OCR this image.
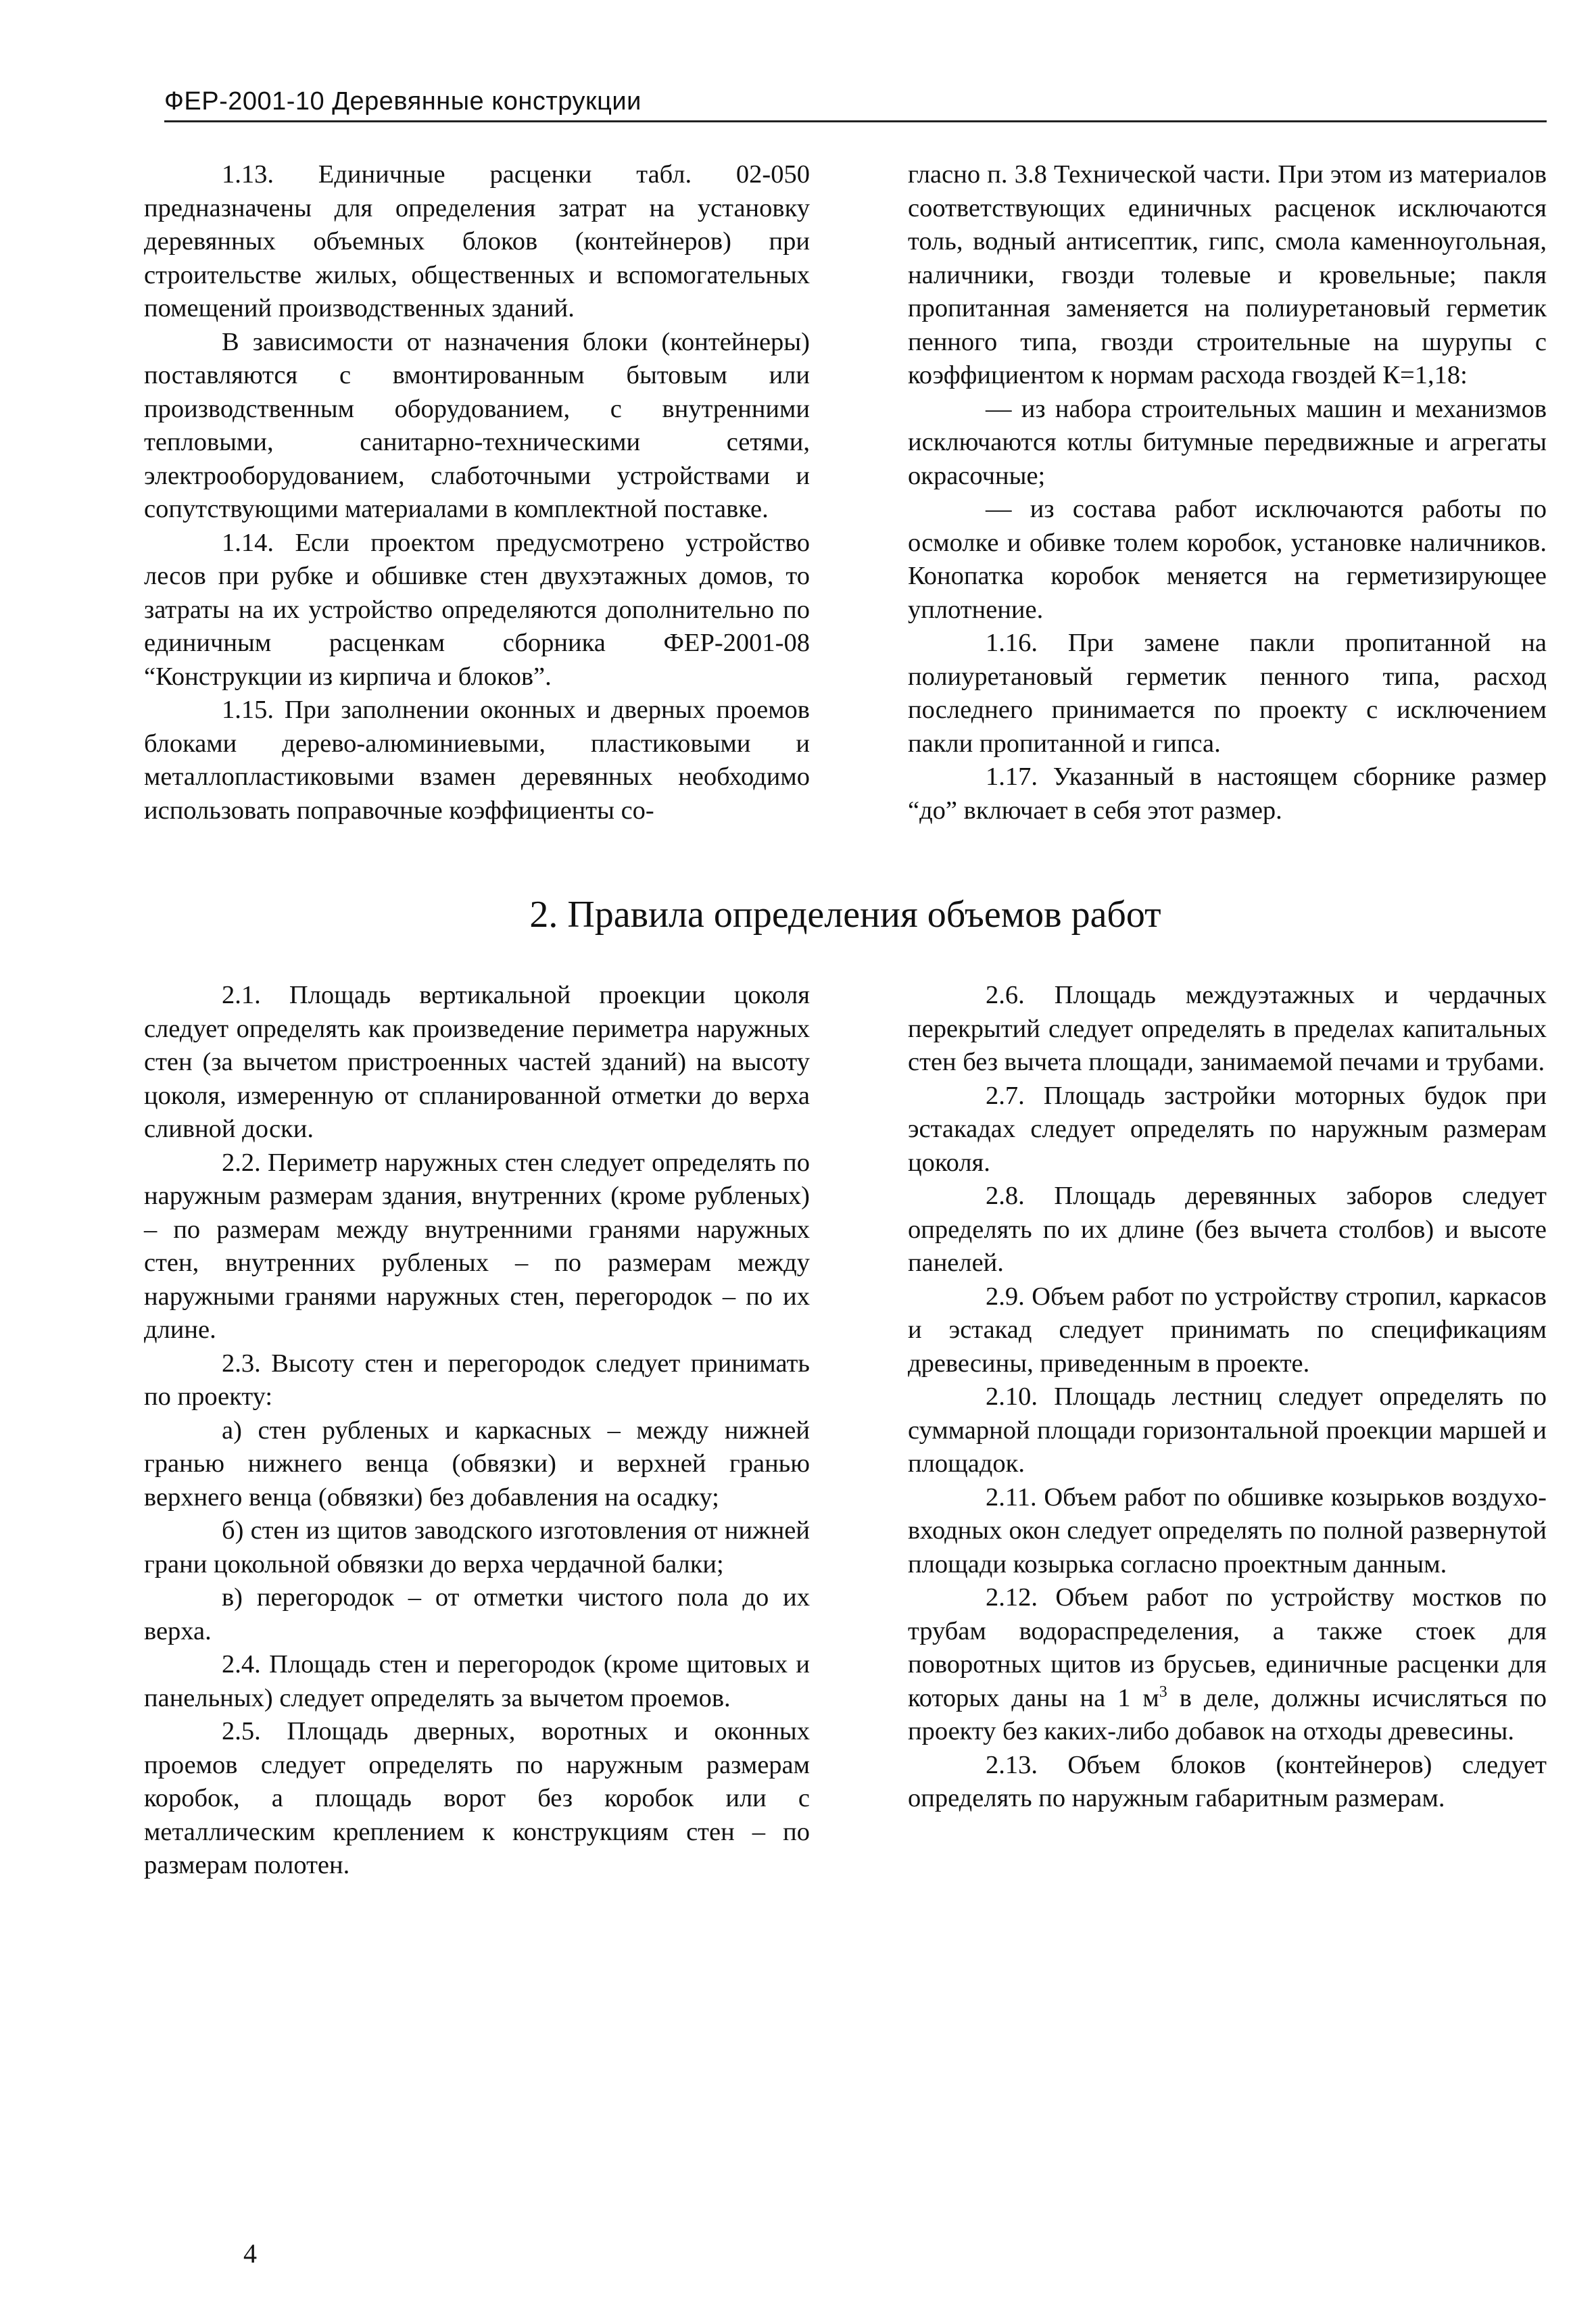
ФЕР-2001-10 Деревянные конструкции

1.13. Единичные расценки табл. 02-050 предназначены для определения затрат на установку деревянных объемных блоков (контейнеров) при строительстве жилых, общественных и вспомогательных помещений производственных зданий.

В зависимости от назначения блоки (контейнеры) поставляются с вмонтированным бытовым или производственным оборудованием, с внутренними тепловыми, санитарно-техническими сетями, электрооборудованием, слаботочными устройствами и сопутствующими материалами в комплектной поставке.

1.14. Если проектом предусмотрено устройство лесов при рубке и обшивке стен двухэтажных домов, то затраты на их устройство определяются дополнительно по единичным расценкам сборника ФЕР-2001-08 “Конструкции из кирпича и блоков”.

1.15. При заполнении оконных и дверных проемов блоками дерево-алюминиевыми, пластиковыми и металлопластиковыми взамен деревянных необходимо использовать поправочные коэффициенты со-

гласно п. 3.8 Технической части. При этом из материалов соответствующих единичных расценок исключаются толь, водный антисептик, гипс, смола каменноугольная, наличники, гвозди толевые и кровельные; пакля пропитанная заменяется на полиуретановый герметик пенного типа, гвозди строительные на шурупы с коэффициентом к нормам расхода гвоздей К=1,18:

— из набора строительных машин и механизмов исключаются котлы битумные передвижные и агрегаты окрасочные;

— из состава работ исключаются работы по осмолке и обивке толем коробок, установке наличников. Конопатка коробок меняется на герметизирующее уплотнение.

1.16. При замене пакли пропитанной на полиуретановый герметик пенного типа, расход последнего принимается по проекту с исключением пакли пропитанной и гипса.

1.17. Указанный в настоящем сборнике размер “до” включает в себя этот размер.

2. Правила определения объемов работ

2.1. Площадь вертикальной проекции цоколя следует определять как произведение периметра наружных стен (за вычетом пристроенных частей зданий) на высоту цоколя, измеренную от спланированной отметки до верха сливной доски.

2.2. Периметр наружных стен следует определять по наружным размерам здания, внутренних (кроме рубленых) – по размерам между внутренними гранями наружных стен, внутренних рубленых – по размерам между наружными гранями наружных стен, перегородок – по их длине.

2.3. Высоту стен и перегородок следует принимать по проекту:

а) стен рубленых и каркасных – между нижней гранью нижнего венца (обвязки) и верхней гранью верхнего венца (обвязки) без добавления на осадку;

б) стен из щитов заводского изготовления от нижней грани цокольной обвязки до верха чердачной балки;

в) перегородок – от отметки чистого пола до их верха.

2.4. Площадь стен и перегородок (кроме щитовых и панельных) следует определять за вычетом проемов.

2.5. Площадь дверных, воротных и оконных проемов следует определять по наружным размерам коробок, а площадь ворот без коробок или с металлическим креплением к конструкциям стен – по размерам полотен.

2.6. Площадь междуэтажных и чердачных перекрытий следует определять в пределах капитальных стен без вычета площади, занимаемой печами и трубами.

2.7. Площадь застройки моторных будок при эстакадах следует определять по наружным размерам цоколя.

2.8. Площадь деревянных заборов следует определять по их длине (без вычета столбов) и высоте панелей.

2.9. Объем работ по устройству стропил, каркасов и эстакад следует принимать по спецификациям древесины, приведенным в проекте.

2.10. Площадь лестниц следует определять по суммарной площади горизонтальной проекции маршей и площадок.

2.11. Объем работ по обшивке козырьков воздухо-входных окон следует определять по полной развернутой площади козырька согласно проектным данным.

2.12. Объем работ по устройству мостков по трубам водораспределения, а также стоек для поворотных щитов из брусьев, единичные расценки для которых даны на 1 $м^3$ в деле, должны исчисляться по проекту без каких-либо добавок на отходы древесины.

2.13. Объем блоков (контейнеров) следует определять по наружным габаритным размерам.

4
